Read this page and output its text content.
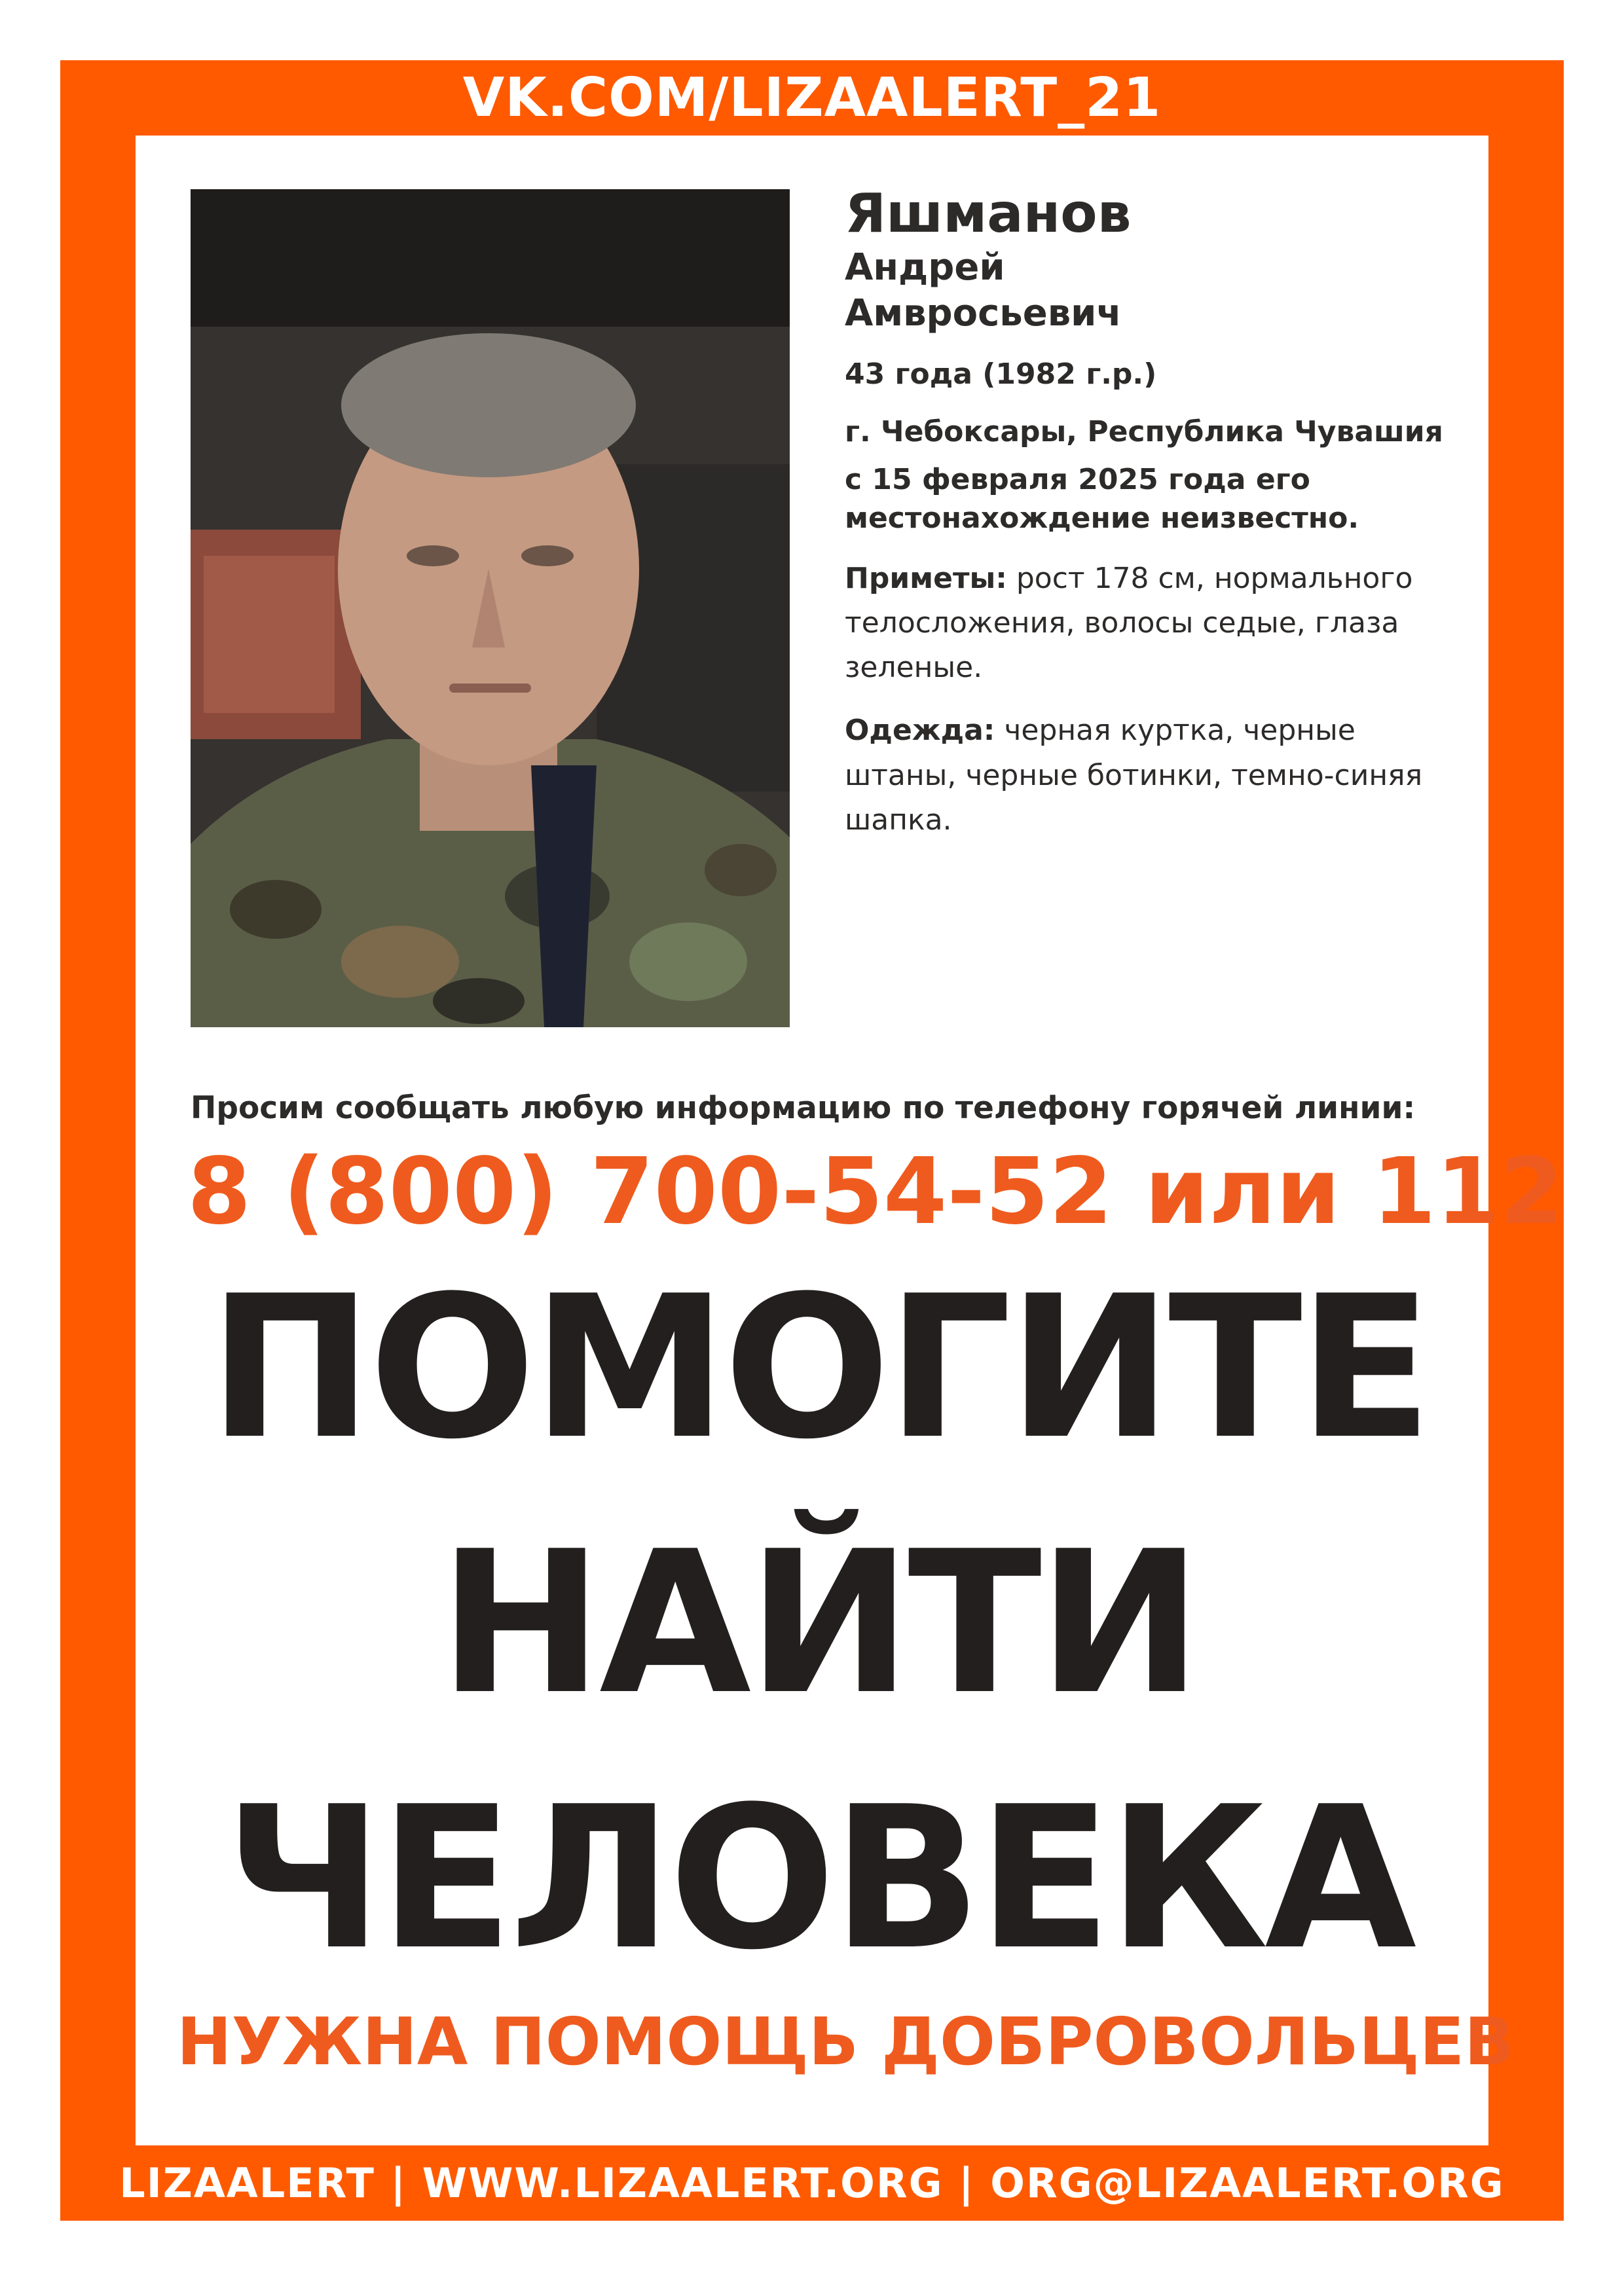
VK.COM/LIZAALERT_21
Яшманов
Андрей
Амвросьевич
43 года (1982 г.р.)
г. Чебоксары, Республика Чувашия
с 15 февраля 2025 года его местонахождение неизвестно.
Приметы: рост 178 см, нормального телосложения, волосы седые, глаза зеленые.
Одежда: черная куртка, черные штаны, черные ботинки, темно-синяя шапка.
Просим сообщать любую информацию по телефону горячей линии:
8 (800) 700-54-52 или 112
ПОМОГИТЕ
НАЙТИ
ЧЕЛОВЕКА
НУЖНА ПОМОЩЬ ДОБРОВОЛЬЦЕВ
LIZAALERT | WWW.LIZAALERT.ORG | ORG@LIZAALERT.ORG
